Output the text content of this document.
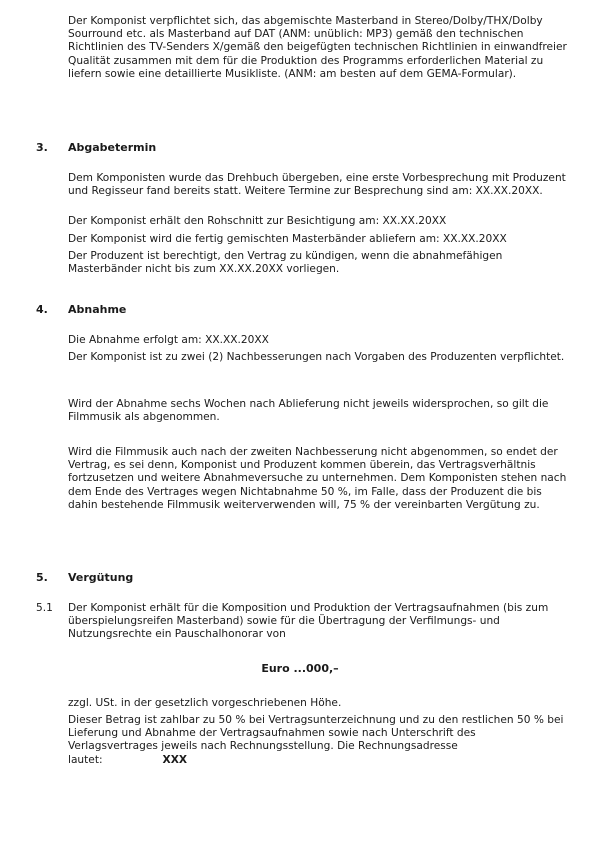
Der Komponist verpflichtet sich, das abgemischte Masterband in Stereo/Dolby/THX/Dolby Sourround etc. als Masterband auf DAT (ANM: unüblich: MP3) gemäß den technischen Richtlinien des TV-Senders X/gemäß den beigefügten technischen Richtlinien in einwandfreier Qualität zusammen mit dem für die Produktion des Programms erforderlichen Material zu liefern sowie eine detaillierte Musikliste. (ANM: am besten auf dem GEMA-Formular).

3. Abgabetermin

Dem Komponisten wurde das Drehbuch übergeben, eine erste Vorbesprechung mit Produzent und Regisseur fand bereits statt. Weitere Termine zur Besprechung sind am: XX.XX.20XX.

Der Komponist erhält den Rohschnitt zur Besichtigung am: XX.XX.20XX

Der Komponist wird die fertig gemischten Masterbänder abliefern am: XX.XX.20XX

Der Produzent ist berechtigt, den Vertrag zu kündigen, wenn die abnahmefähigen Masterbänder nicht bis zum XX.XX.20XX vorliegen.

4. Abnahme

Die Abnahme erfolgt am: XX.XX.20XX

Der Komponist ist zu zwei (2) Nachbesserungen nach Vorgaben des Produzenten verpflichtet.

Wird der Abnahme sechs Wochen nach Ablieferung nicht jeweils widersprochen, so gilt die Filmmusik als abgenommen.

Wird die Filmmusik auch nach der zweiten Nachbesserung nicht abgenommen, so endet der Vertrag, es sei denn, Komponist und Produzent kommen überein, das Vertragsverhältnis fortzusetzen und weitere Abnahmeversuche zu unternehmen. Dem Komponisten stehen nach dem Ende des Vertrages wegen Nichtabnahme 50 %, im Falle, dass der Produzent die bis dahin bestehende Filmmusik weiterverwenden will, 75 % der vereinbarten Vergütung zu.

5. Vergütung
5.1 Der Komponist erhält für die Komposition und Produktion der Vertragsaufnahmen (bis zum überspielungsreifen Masterband) sowie für die Übertragung der Verfilmungs- und Nutzungsrechte ein Pauschalhonorar von

Euro ...000,–

zzgl. USt. in der gesetzlich vorgeschriebenen Höhe.

Dieser Betrag ist zahlbar zu 50 % bei Vertragsunterzeichnung und zu den restlichen 50 % bei Lieferung und Abnahme der Vertragsaufnahmen sowie nach Unterschrift des Verlagsvertrages jeweils nach Rechnungsstellung. Die Rechnungsadresse lautet:	XXX
